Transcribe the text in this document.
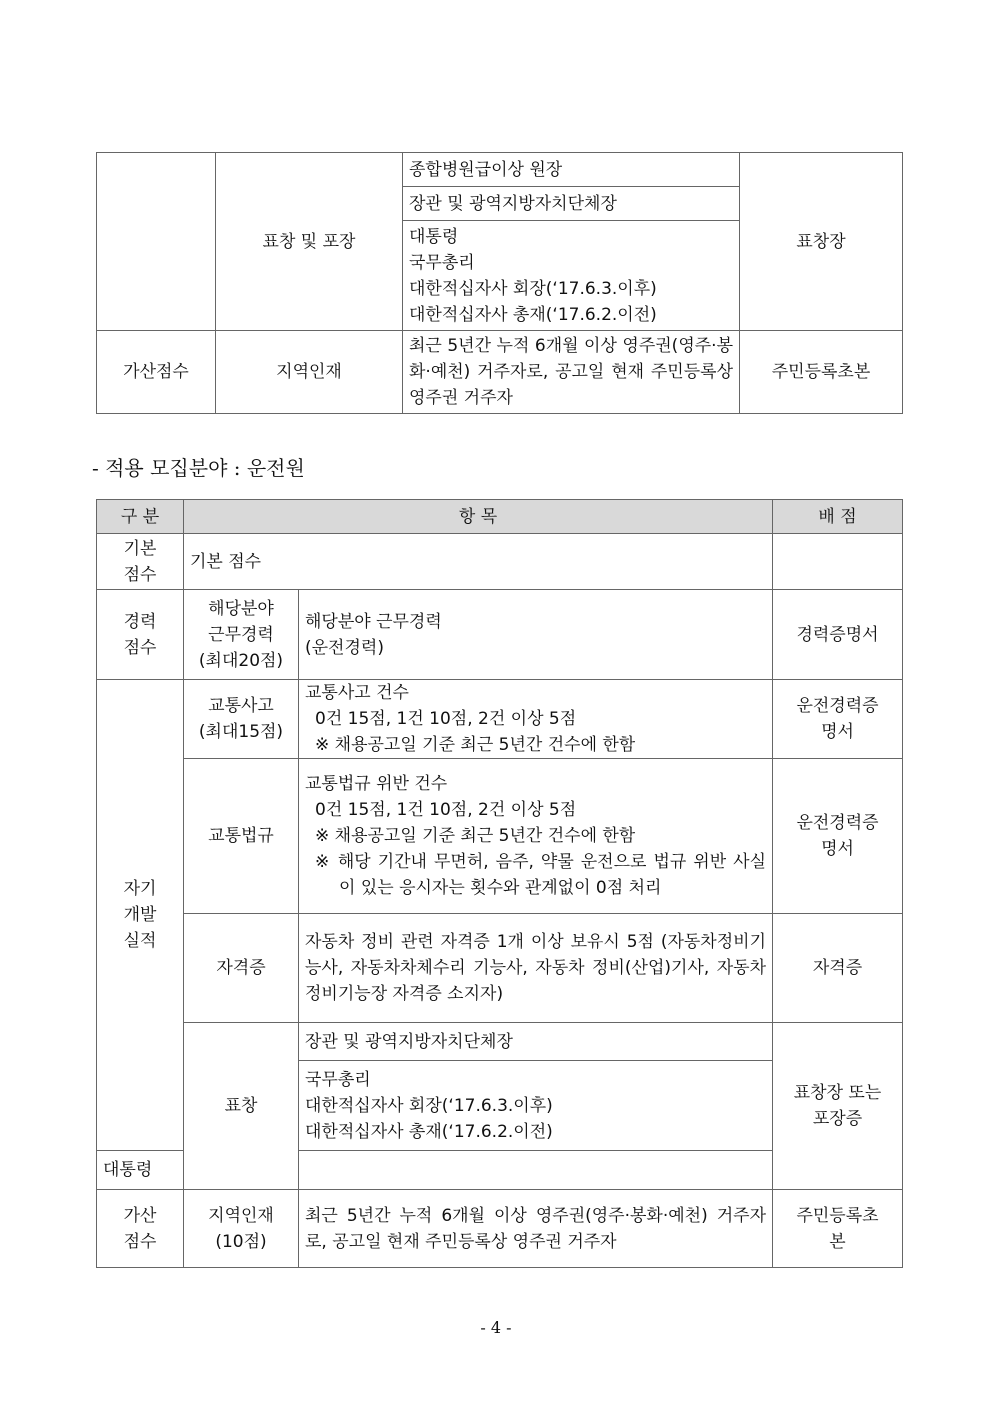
	표창 및 포장	종합병원급이상 원장	표창장
		장관 및 광역지방자치단체장	

		대통령
국무총리
대한적십자사 회장(‘17.6.3.이후)
대한적십자사 총재(‘17.6.2.이전)	

가산점수	지역인재	최근 5년간 누적 6개월 이상 영주권(영주·봉화·예천) 거주자로, 공고일 현재 주민등록상 영주권 거주자	주민등록초본
- 적용 모집분야 : 운전원
구 분	항 목		배 점

기본
점수	기본 점수		

경력
점수	해당분야
근무경력
(최대20점)	해당분야 근무경력
(운전경력)	경력증명서

자기
개발
실적	교통사고
(최대15점)	교통사고 건수
0건 15점, 1건 10점, 2건 이상 5점
※ 채용공고일 기준 최근 5년간 건수에 한함	운전경력증
명서

	교통법규	교통법규 위반 건수
0건 15점, 1건 10점, 2건 이상 5점
※ 채용공고일 기준 최근 5년간 건수에 한함
※ 해당 기간내 무면허, 음주, 약물 운전으로 법규 위반 사실이 있는 응시자는 횟수와 관계없이 0점 처리	운전경력증
명서

	자격증	자동차 정비 관련 자격증 1개 이상 보유시 5점 (자동차정비기능사, 자동차차체수리 기능사, 자동차 정비(산업)기사, 자동차정비기능장 자격증 소지자)	자격증
	표창	장관 및 광역지방자치단체장	표창장 또는
포장증

		국무총리
대한적십자사 회장(‘17.6.3.이후)
대한적십자사 총재(‘17.6.2.이전)	

대통령			

가산
점수	지역인재
(10점)	최근 5년간 누적 6개월 이상 영주권(영주·봉화·예천) 거주자로, 공고일 현재 주민등록상 영주권 거주자	주민등록초
본
- 4 -
